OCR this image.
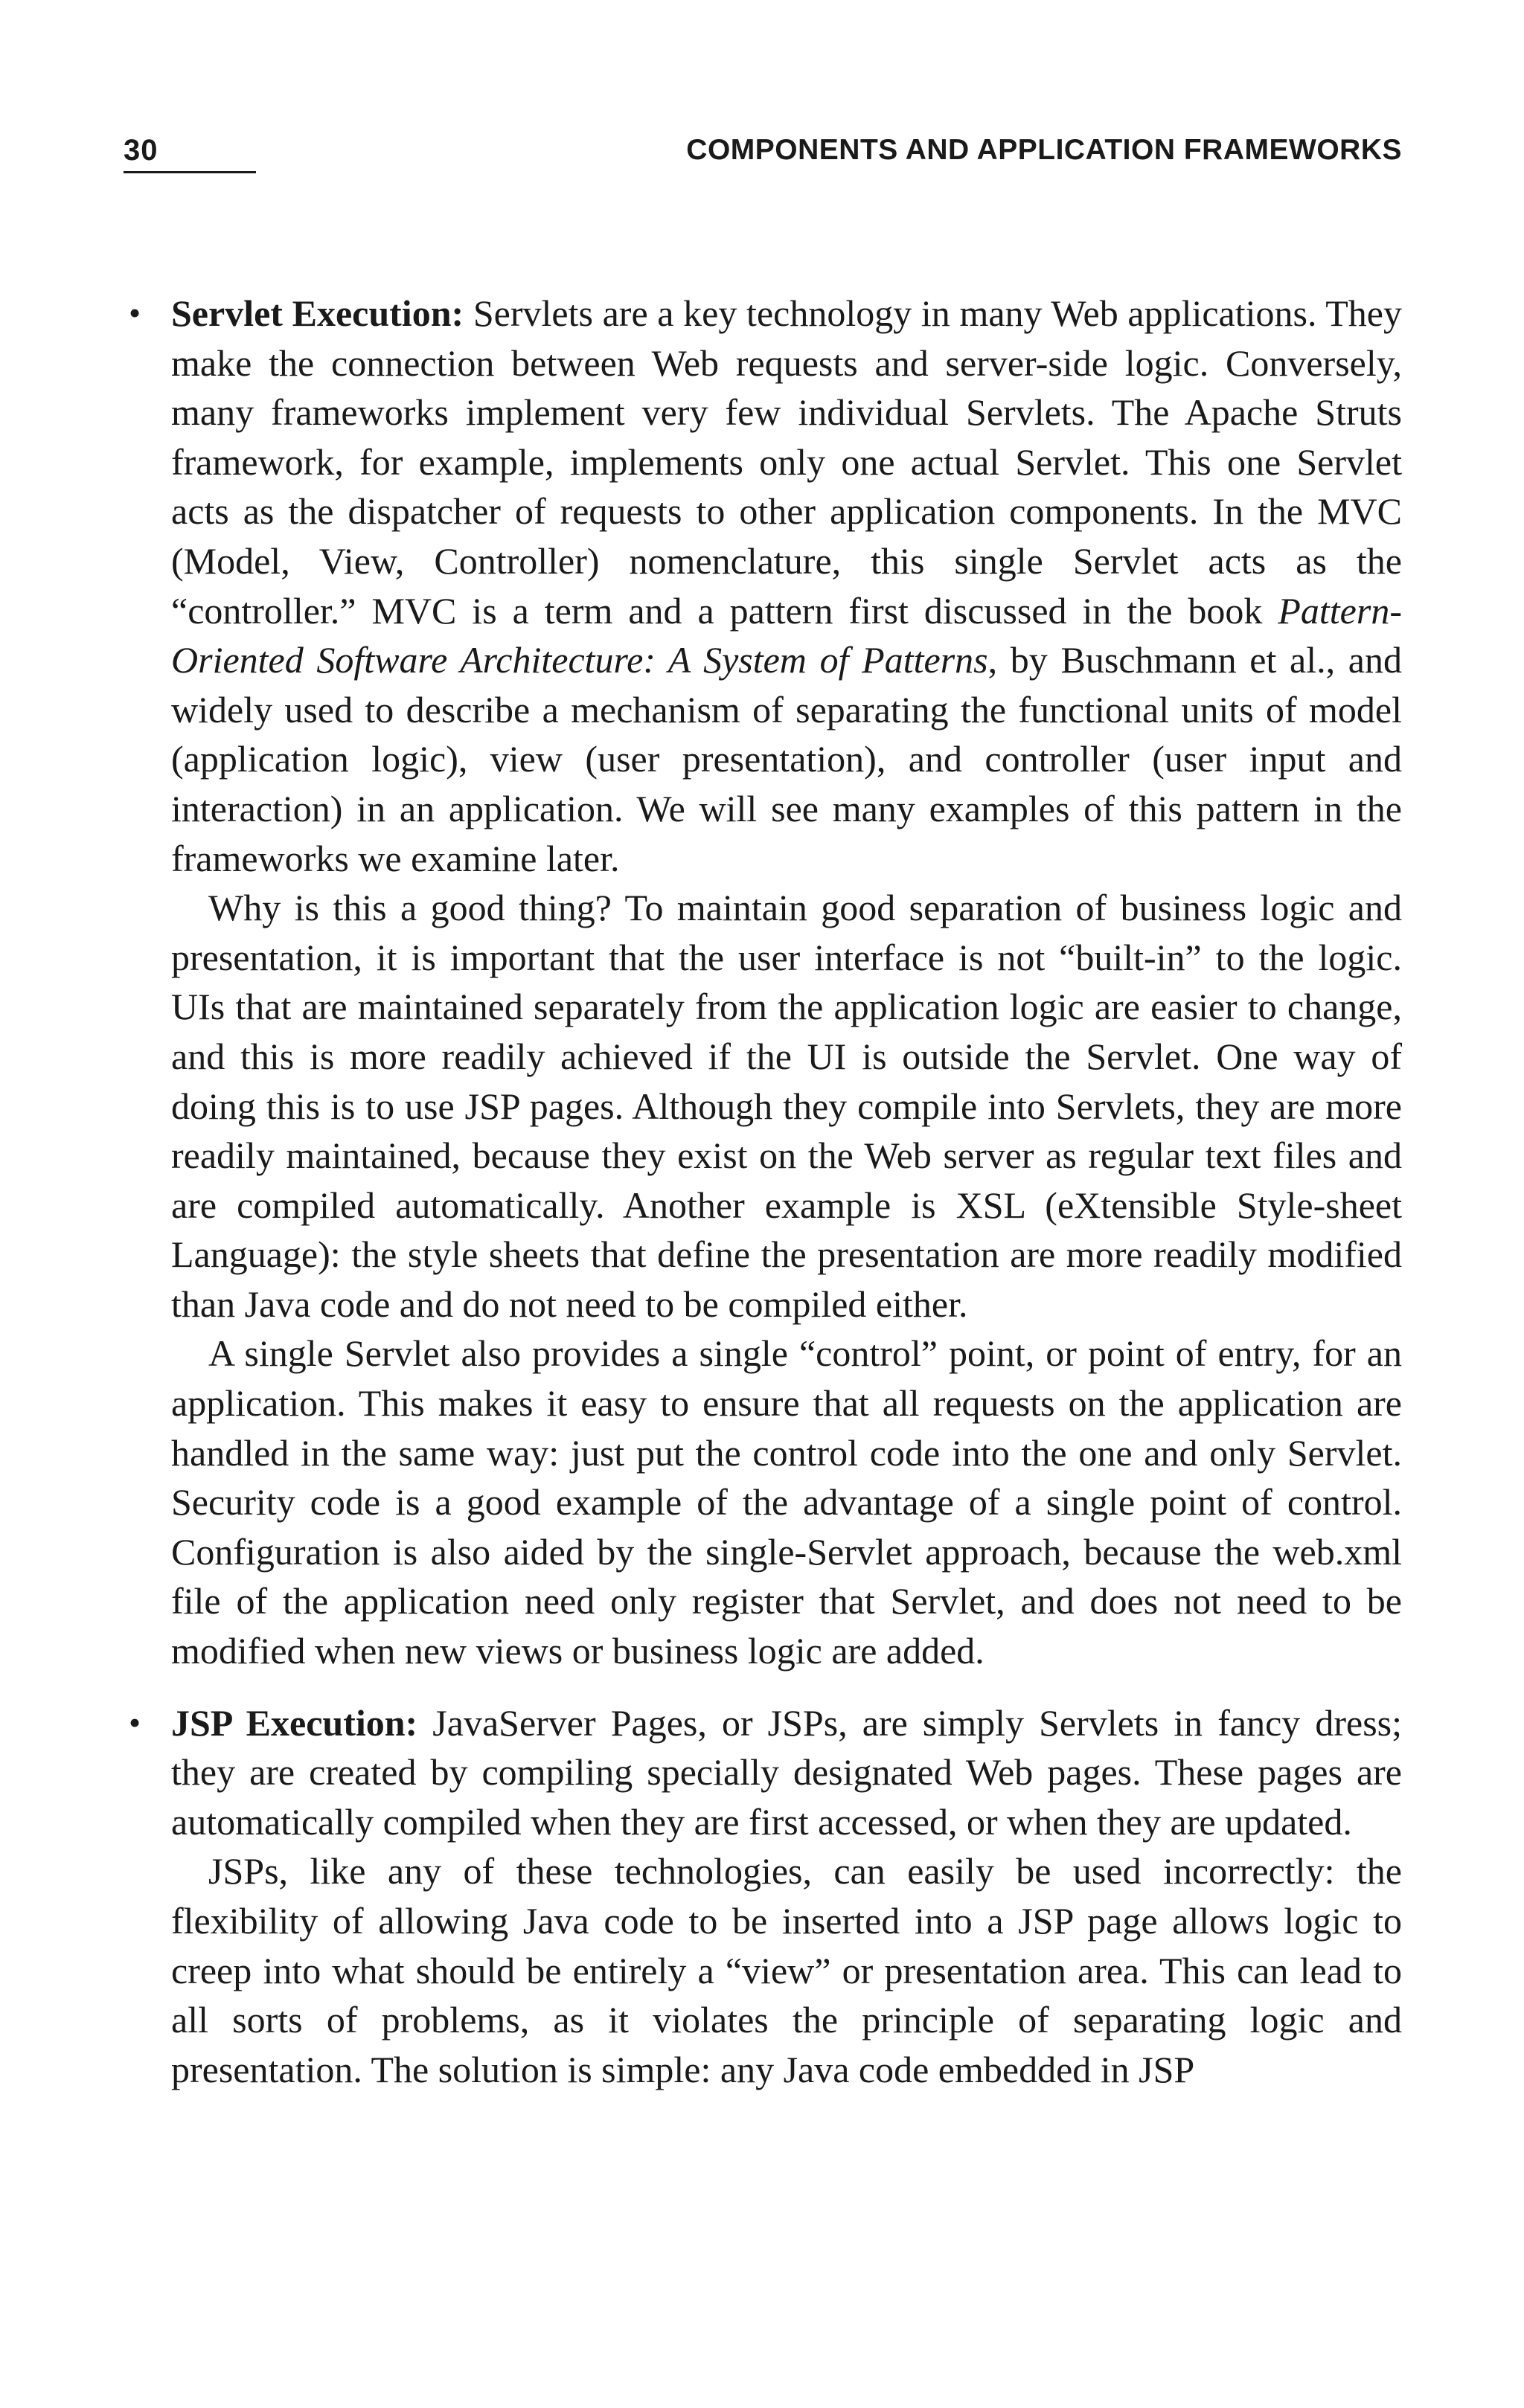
30	COMPONENTS AND APPLICATION FRAMEWORKS
• Servlet Execution: Servlets are a key technology in many Web applications. They make the connection between Web requests and server-side logic. Conversely, many frameworks implement very few individual Servlets. The Apache Struts framework, for example, implements only one actual Servlet. This one Servlet acts as the dispatcher of requests to other application components. In the MVC (Model, View, Controller) nomenclature, this single Servlet acts as the “controller.” MVC is a term and a pattern first discussed in the book Pattern-Oriented Software Architecture: A System of Patterns, by Buschmann et al., and widely used to describe a mechanism of separating the functional units of model (application logic), view (user presentation), and controller (user input and interaction) in an application. We will see many examples of this pattern in the frameworks we examine later.

Why is this a good thing? To maintain good separation of business logic and presentation, it is important that the user interface is not “built-in” to the logic. UIs that are maintained separately from the application logic are easier to change, and this is more readily achieved if the UI is outside the Servlet. One way of doing this is to use JSP pages. Although they compile into Servlets, they are more readily maintained, because they exist on the Web server as regular text files and are compiled automatically. Another example is XSL (eXtensible Style-sheet Language): the style sheets that define the presentation are more readily modified than Java code and do not need to be compiled either.

A single Servlet also provides a single “control” point, or point of entry, for an application. This makes it easy to ensure that all requests on the application are handled in the same way: just put the control code into the one and only Servlet. Security code is a good example of the advantage of a single point of control. Configuration is also aided by the single-Servlet approach, because the web.xml file of the application need only register that Servlet, and does not need to be modified when new views or business logic are added.

• JSP Execution: JavaServer Pages, or JSPs, are simply Servlets in fancy dress; they are created by compiling specially designated Web pages. These pages are automatically compiled when they are first accessed, or when they are updated.

JSPs, like any of these technologies, can easily be used incorrectly: the flexibility of allowing Java code to be inserted into a JSP page allows logic to creep into what should be entirely a “view” or presentation area. This can lead to all sorts of problems, as it violates the principle of separating logic and presentation. The solution is simple: any Java code embedded in JSP
